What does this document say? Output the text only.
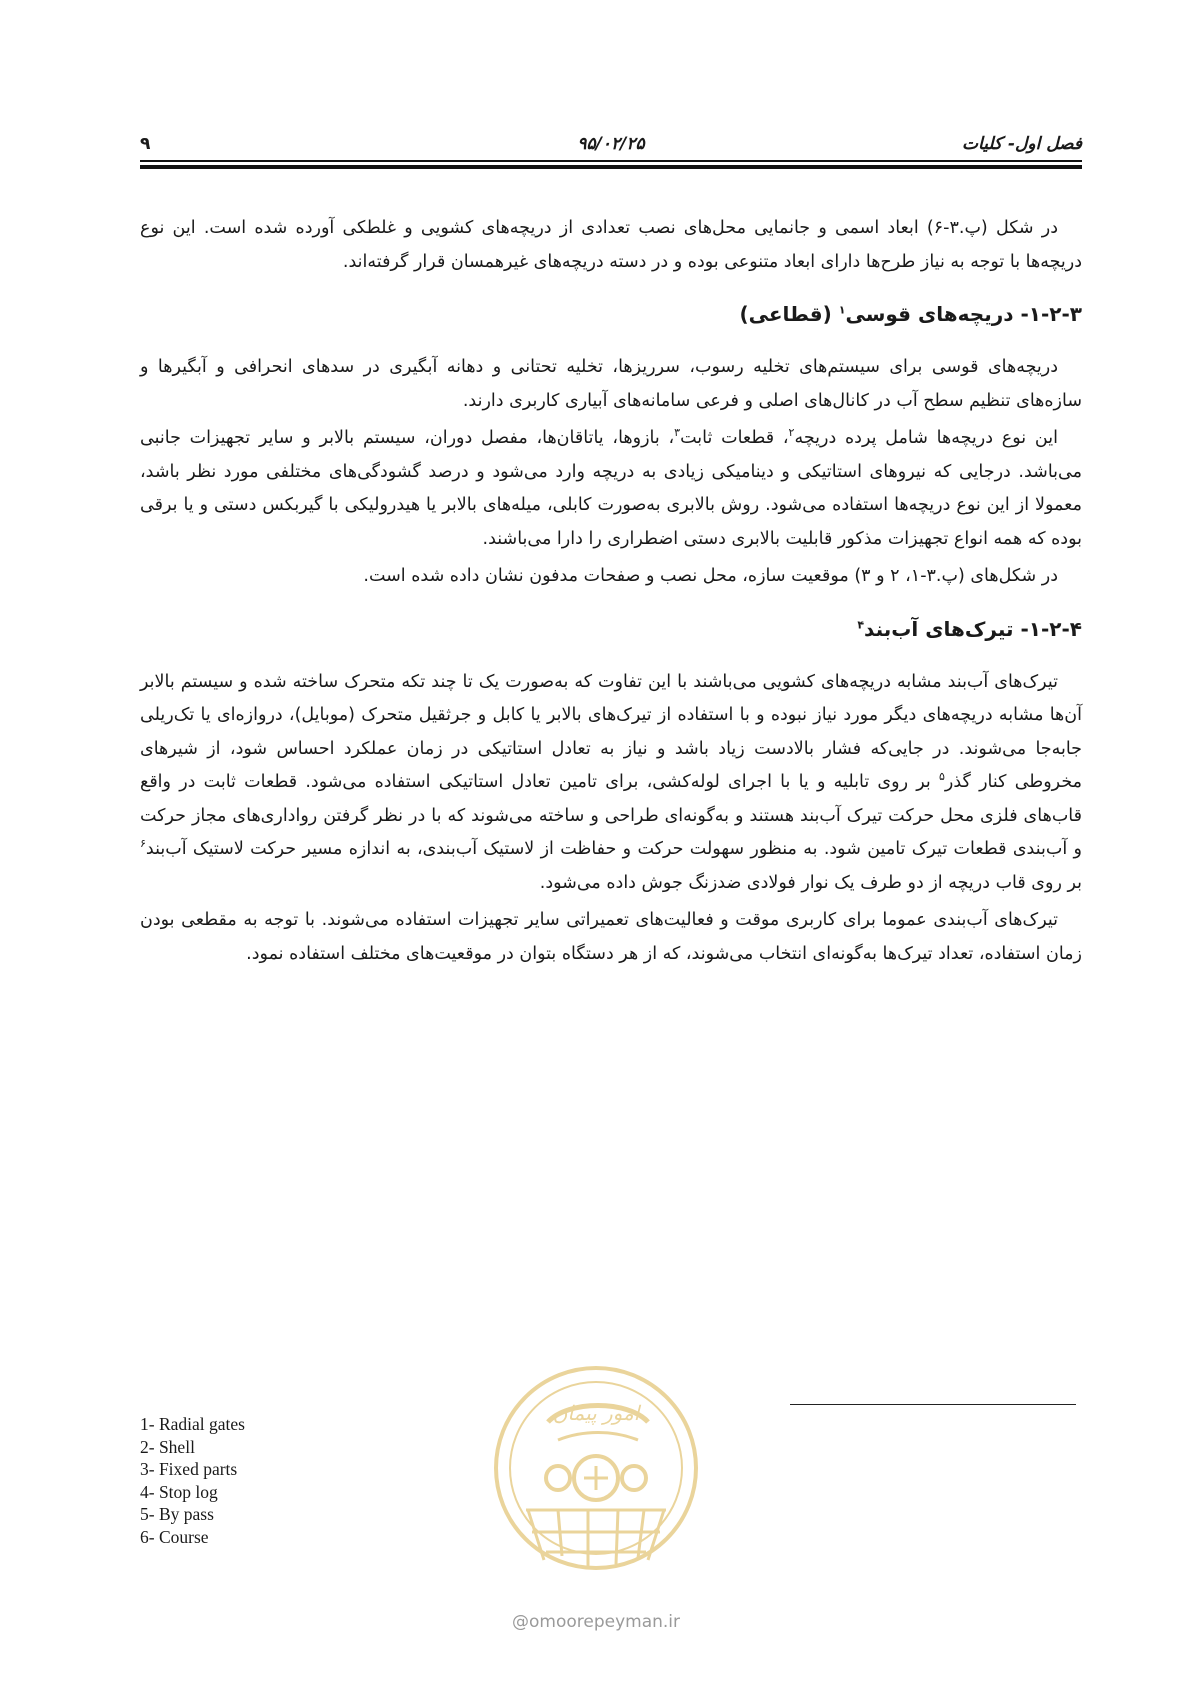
فصل اول- کلیات
۹۵/۰۲/۲۵
۹

در شکل (پ.۳-۶) ابعاد اسمی و جانمایی محل‌های نصب تعدادی از دریچه‌های کشویی و غلطکی آورده شده است. این نوع دریچه‌ها با توجه به نیاز طرح‌ها دارای ابعاد متنوعی بوده و در دسته دریچه‌های غیرهمسان قرار گرفته‌اند.

۱-۲-۳- دریچه‌های قوسی$^۱$ (قطاعی)

دریچه‌های قوسی برای سیستم‌های تخلیه رسوب، سرریزها، تخلیه تحتانی و دهانه آبگیری در سدهای انحرافی و آبگیرها و سازه‌های تنظیم سطح آب در کانال‌های اصلی و فرعی سامانه‌های آبیاری کاربری دارند.

این نوع دریچه‌ها شامل پرده دریچه$^۲$، قطعات ثابت$^۳$، بازوها، یاتاقان‌ها، مفصل دوران، سیستم بالابر و سایر تجهیزات جانبی می‌باشد. درجایی که نیروهای استاتیکی و دینامیکی زیادی به دریچه وارد می‌شود و درصد گشودگی‌های مختلفی مورد نظر باشد، معمولا از این نوع دریچه‌ها استفاده می‌شود. روش بالابری به‌صورت کابلی، میله‌های بالابر یا هیدرولیکی با گیربکس دستی و یا برقی بوده که همه انواع تجهیزات مذکور قابلیت بالابری دستی اضطراری را دارا می‌باشند.

در شکل‌های (پ.۳-۱، ۲ و ۳) موقعیت سازه، محل نصب و صفحات مدفون نشان داده شده است.

۱-۲-۴- تیرک‌های آب‌بند$^۴$

تیرک‌های آب‌بند مشابه دریچه‌های کشویی می‌باشند با این تفاوت که به‌صورت یک تا چند تکه متحرک ساخته شده و سیستم بالابر آن‌ها مشابه دریچه‌های دیگر مورد نیاز نبوده و با استفاده از تیرک‌های بالابر یا کابل و جرثقیل متحرک (موبایل)، دروازه‌ای یا تک‌ریلی جابه‌جا می‌شوند. در جایی‌که فشار بالادست زیاد باشد و نیاز به تعادل استاتیکی در زمان عملکرد احساس شود، از شیرهای مخروطی کنار گذر$^۵$ بر روی تابلیه و یا با اجرای لوله‌کشی، برای تامین تعادل استاتیکی استفاده می‌شود. قطعات ثابت در واقع قاب‌های فلزی محل حرکت تیرک آب‌بند هستند و به‌گونه‌ای طراحی و ساخته می‌شوند که با در نظر گرفتن رواداری‌های مجاز حرکت و آب‌بندی قطعات تیرک تامین شود. به منظور سهولت حرکت و حفاظت از لاستیک آب‌بندی، به اندازه مسیر حرکت لاستیک آب‌بند$^۶$ بر روی قاب دریچه از دو طرف یک نوار فولادی ضدزنگ جوش داده می‌شود.

تیرک‌های آب‌بندی عموما برای کاربری موقت و فعالیت‌های تعمیراتی سایر تجهیزات استفاده می‌شوند. با توجه به مقطعی بودن زمان استفاده، تعداد تیرک‌ها به‌گونه‌ای انتخاب می‌شوند، که از هر دستگاه بتوان در موقعیت‌های مختلف استفاده نمود.

1- Radial gates
2- Shell
3- Fixed parts
4- Stop log
5- By pass
6- Course
امور پیمان
@omoorepeyman.ir
